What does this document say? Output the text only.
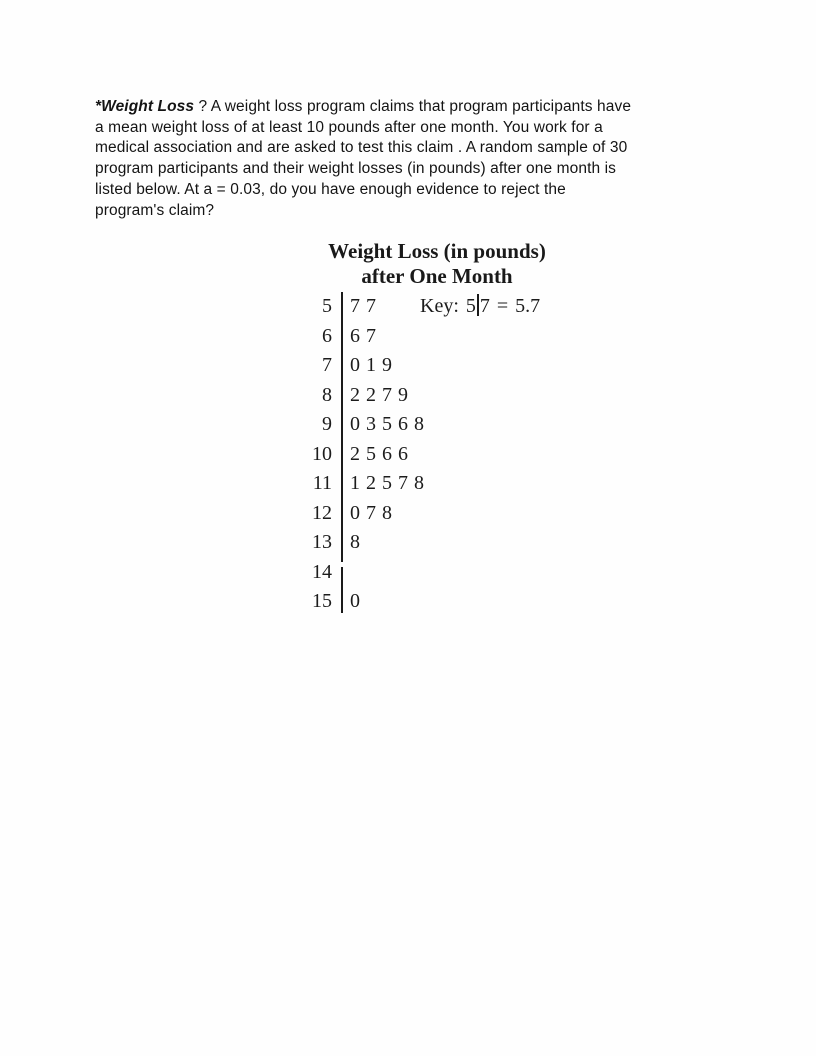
*Weight Loss ? A weight loss program claims that program participants have
a mean weight loss of at least 10 pounds after one month. You work for a
medical association and are asked to test this claim . A random sample of 30
program participants and their weight losses (in pounds) after one month is
listed below. At a = 0.03, do you have enough evidence to reject the
program's claim?
Weight Loss (in pounds)
after One Month
5 7 7
6 6 7
7 0 1 9
8 2 2 7 9
9 0 3 5 6 8
10 2 5 6 6
11 1 2 5 7 8
12 0 7 8
13 8
14
15 0
Key: 5 7 = 5.7
